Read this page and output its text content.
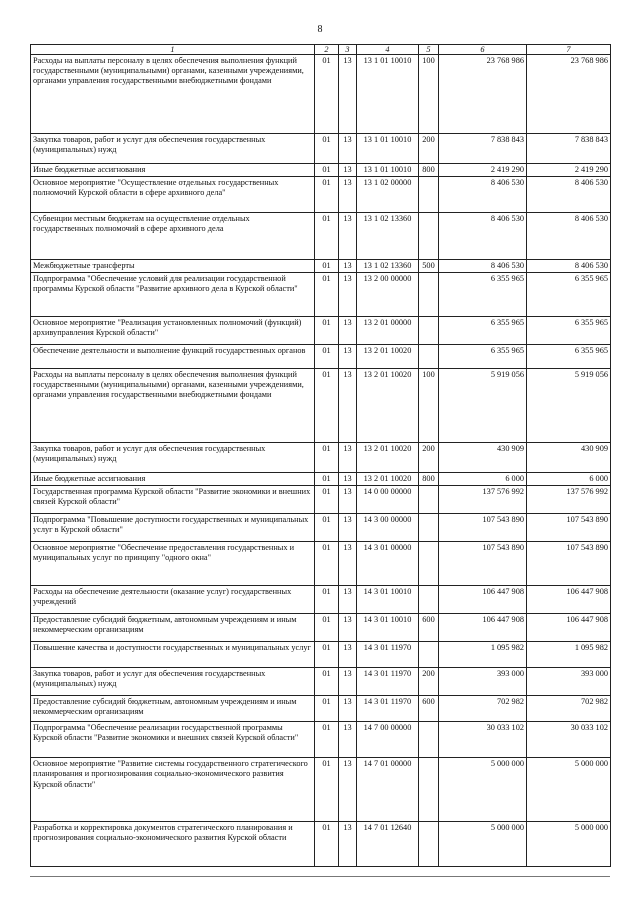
8
1	2	3	4	5	6	7
Расходы на выплаты персоналу в целях обеспечения выполнения функций государственными (муниципальными) органами, казенными учреждениями, органами управления государственными внебюджетными фондами	01	13	13 1 01 10010	100	23 768 986	23 768 986
Закупка товаров, работ и услуг для обеспечения государственных (муниципальных) нужд	01	13	13 1 01 10010	200	7 838 843	7 838 843
Иные бюджетные ассигнования	01	13	13 1 01 10010	800	2 419 290	2 419 290
Основное мероприятие "Осуществление отдельных государственных полномочий Курской области в сфере архивного дела"	01	13	13 1 02 00000		8 406 530	8 406 530
Субвенции местным бюджетам на осуществление отдельных государственных полномочий в сфере архивного дела	01	13	13 1 02 13360		8 406 530	8 406 530
Межбюджетные трансферты	01	13	13 1 02 13360	500	8 406 530	8 406 530
Подпрограмма "Обеспечение условий для реализации государственной программы Курской области "Развитие архивного дела в Курской области"	01	13	13 2 00 00000		6 355 965	6 355 965
Основное мероприятие "Реализация установленных полномочий (функций) архивуправления Курской области"	01	13	13 2 01 00000		6 355 965	6 355 965
Обеспечение деятельности и выполнение функций государственных органов	01	13	13 2 01 10020		6 355 965	6 355 965
Расходы на выплаты персоналу в целях обеспечения выполнения функций государственными (муниципальными) органами, казенными учреждениями, органами управления государственными внебюджетными фондами	01	13	13 2 01 10020	100	5 919 056	5 919 056
Закупка товаров, работ и услуг для обеспечения государственных (муниципальных) нужд	01	13	13 2 01 10020	200	430 909	430 909
Иные бюджетные ассигнования	01	13	13 2 01 10020	800	6 000	6 000
Государственная программа Курской области "Развитие экономики и внешних связей Курской области"	01	13	14 0 00 00000		137 576 992	137 576 992
Подпрограмма "Повышение доступности государственных и муниципальных услуг в Курской области"	01	13	14 3 00 00000		107 543 890	107 543 890
Основное мероприятие "Обеспечение предоставления государственных и муниципальных услуг по принципу "одного окна"	01	13	14 3 01 00000		107 543 890	107 543 890
Расходы на обеспечение деятельности (оказание услуг) государственных учреждений	01	13	14 3 01 10010		106 447 908	106 447 908
Предоставление субсидий бюджетным, автономным учреждениям и иным некоммерческим организациям	01	13	14 3 01 10010	600	106 447 908	106 447 908
Повышение качества и доступности государственных и муниципальных услуг	01	13	14 3 01 11970		1 095 982	1 095 982
Закупка товаров, работ и услуг для обеспечения государственных (муниципальных) нужд	01	13	14 3 01 11970	200	393 000	393 000
Предоставление субсидий бюджетным, автономным учреждениям и иным некоммерческим организациям	01	13	14 3 01 11970	600	702 982	702 982
Подпрограмма "Обеспечение реализации государственной программы Курской области "Развитие экономики и внешних связей Курской области"	01	13	14 7 00 00000		30 033 102	30 033 102
Основное мероприятие "Развитие системы государственного стратегического планирования и прогнозирования социально-экономического развития Курской области"	01	13	14 7 01 00000		5 000 000	5 000 000
Разработка и корректировка документов стратегического планирования и прогнозирования социально-экономического развития Курской области	01	13	14 7 01 12640		5 000 000	5 000 000
